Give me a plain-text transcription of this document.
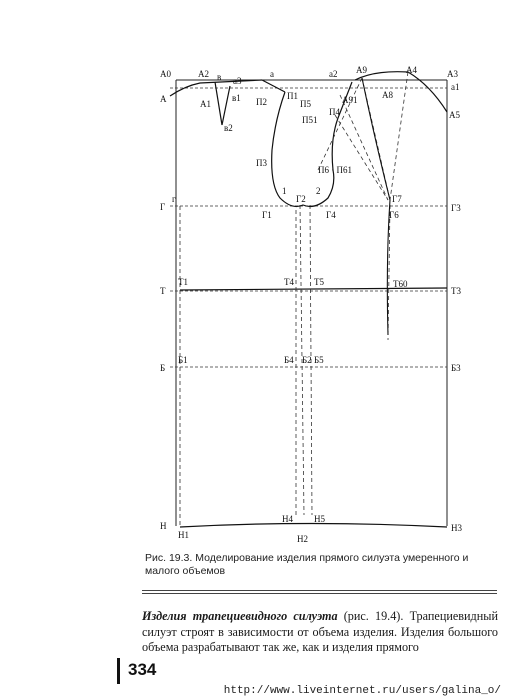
А0	А2 в а3
а	а2 А9	А4	А3
А
а1
А1
в1 П2
П1
П5	А91
П4
А8
А5
в2
П51
П3
П6 · П61
1	2
Г7
Г
г
Г1
Г2
Г4	Г6
Г3
Т
Т1	Т4 Т5	Т60
Т3
Б
Б1	Б4 Б2 Б5
Б3
Н
Н1
Н4 Н5
Н2
Н3
Рис. 19.3. Моделирование изделия прямого силуэта умеренного и малого объемов
Изделия трапециевидного силуэта (рис. 19.4). Трапециевидный силуэт строят в зависимости от объема изделия. Изделия большого объема разрабатывают так же, как и изделия прямого
334
http://www.liveinternet.ru/users/galina_o/
